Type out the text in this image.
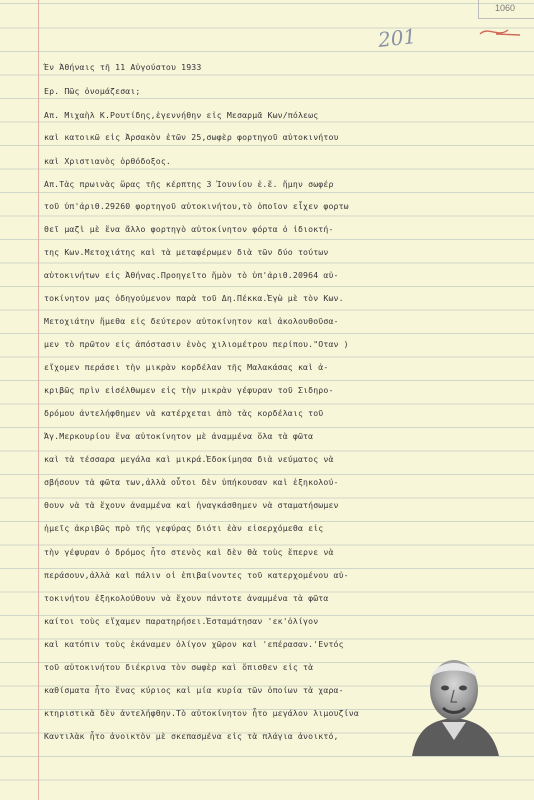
1060
201
Έν Άθήναις τῆ 11 Αὐγούστου 1933
Ερ. Πῶς ὀνομάζεσαι;
Απ. Μιχαὴλ Κ.Ρουτίδης,ἐγεννήθην εἰς Μεσαρμᾶ Κων/πόλεως
καὶ κατοικῶ εἰς Ἀρσακὸν ἐτῶν 25,σωφὲρ φορτηγοῦ αὐτοκινήτου
καὶ Χριστιανὸς ὀρθόδοξος.
Απ.Τὰς πρωινὰς ὥρας τῆς κέρπτης 3 Ἰουνίου ἐ.ἔ. ἤμην σωφέρ
τοῦ ὑπ'ἀριθ.29260 φορτηγοῦ αὐτοκινήτου,τὸ ὁποῖον εἶχεν φορτω
θεῖ μαζὶ μὲ ἕνα ἄλλο φορτηγὸ αὐτοκίνητον φόρτα ὁ ἰδιοκτή-
της Κων.Μετοχιάτης καὶ τὰ μεταφέρωμεν διὰ τῶν δύο τούτων
αὐτοκινήτων εἰς Ἀθήνας.Προηγεῖτο ἤμὸν τὸ ὑπ'ἀριθ.20964 αὐ-
τοκίνητον μας ὁδηγούμενον παρὰ τοῦ Δη.Πέκκα.Ἐγὼ μὲ τὸν Κων.
Μετοχιάτην ἤμεθα εἰς δεύτερον αὐτοκίνητον καὶ ἀκολουθοῦσα-
μεν τὸ πρῶτον εἰς ἀπόστασιν ἑνὸς χιλιομέτρου περίπου."Οταν )
εἴχομεν περάσει τὴν μικρὰν κορδέλαν τῆς Μαλακάσας καὶ ἀ-
κριβῶς πρὶν εἰσέλθωμεν εἰς τὴν μικρὰν γέφυραν τοῦ Σιδηρο-
δρόμου ἀντελήφθημεν νὰ κατέρχεται ἀπὸ τὰς κορδέλαις τοῦ
Ἁγ.Μερκουρίου ἕνα αὐτοκίνητον μὲ ἀναμμένα ὅλα τὰ φῶτα
καὶ τὰ τέσσαρα μεγάλα καὶ μικρά.Ἐδοκίμησα διὰ νεύματος νὰ
σβήσουν τὰ φῶτα των,ἀλλὰ οὗτοι δὲν ὑπήκουσαν καὶ ἐξηκολού-
θουν νὰ τὰ ἔχουν ἀναμμένα καὶ ἠναγκάσθημεν νὰ σταματήσωμεν
ἡμεῖς ἀκριβῶς πρὸ τῆς γεφύρας διότι ἐὰν εἰσερχόμεθα εἰς
τὴν γέφυραν ὁ δρόμος ἦτο στενὸς καὶ δὲν θὰ τοὺς ἔπερνε νὰ
περάσουν,ἀλλὰ καὶ πάλιν οἱ ἐπιβαίνοντες τοῦ κατερχομένου αὐ-
τοκινήτου ἐξηκολούθουν νὰ ἔχουν πάντοτε ἀναμμένα τὰ φῶτα
καίτοι τοὺς εἴχαμεν παρατηρήσει.Ἐσταμάτησαν 'εκ'ὀλίγον
καὶ κατόπιν τοὺς ἐκάναμεν ὀλίγον χῶρον καὶ 'επέρασαν.'Εντός
τοῦ αὐτοκινήτου διέκρινα τὸν σωφὲρ καὶ ὄπισθεν εἰς τὰ
καθίσματα ἦτο ἕνας κύριος καὶ μία κυρία τῶν ὁποίων τὰ χαρα-
κτηριστικὰ δὲν ἀντελήφθην.Τὸ αὐτοκίνητον ἦτο μεγάλον λιμουζίνα
Καντιλὰκ ἦτο ἀνοικτὸν μὲ σκεπασμένα εἰς τὰ πλάγια ἀνοικτό,
